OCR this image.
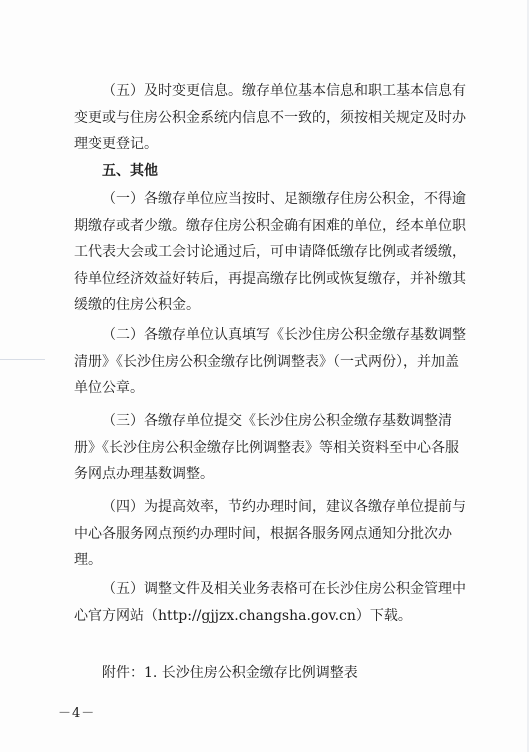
（五）及时变更信息。缴存单位基本信息和职工基本信息有变更或与住房公积金系统内信息不一致的，须按相关规定及时办理变更登记。

五、其他

（一）各缴存单位应当按时、足额缴存住房公积金，不得逾期缴存或者少缴。缴存住房公积金确有困难的单位，经本单位职工代表大会或工会讨论通过后，可申请降低缴存比例或者缓缴，待单位经济效益好转后，再提高缴存比例或恢复缴存，并补缴其缓缴的住房公积金。

（二）各缴存单位认真填写《长沙住房公积金缴存基数调整清册》《长沙住房公积金缴存比例调整表》（一式两份），并加盖单位公章。

（三）各缴存单位提交《长沙住房公积金缴存基数调整清册》《长沙住房公积金缴存比例调整表》等相关资料至中心各服务网点办理基数调整。

（四）为提高效率，节约办理时间，建议各缴存单位提前与中心各服务网点预约办理时间，根据各服务网点通知分批次办理。

（五）调整文件及相关业务表格可在长沙住房公积金管理中心官方网站（http://gjjzx.changsha.gov.cn）下载。

附件：1. 长沙住房公积金缴存比例调整表

－4－
